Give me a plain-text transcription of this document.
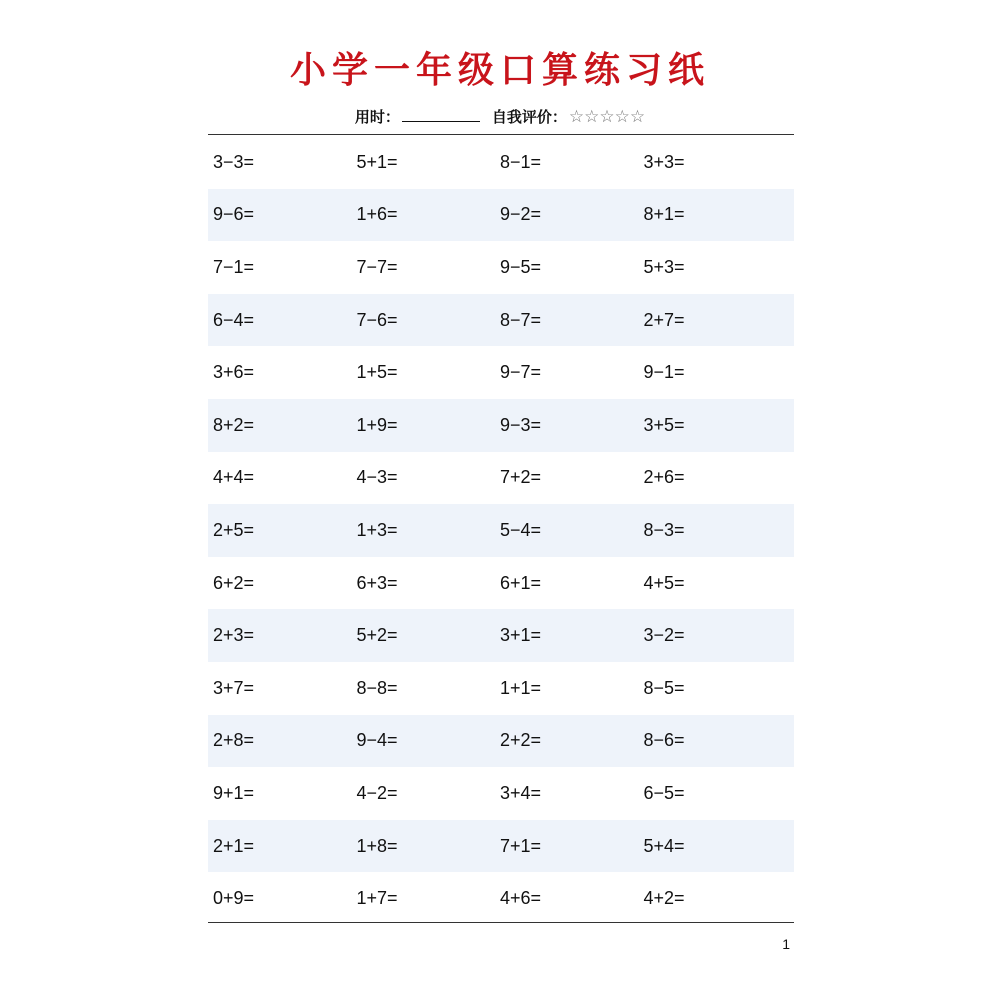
小学一年级口算练习纸
用时：	自我评价： ☆ ☆ ☆ ☆ ☆
3−3=	5+1=	8−1=	3+3=
9−6=	1+6=	9−2=	8+1=
7−1=	7−7=	9−5=	5+3=
6−4=	7−6=	8−7=	2+7=
3+6=	1+5=	9−7=	9−1=
8+2=	1+9=	9−3=	3+5=
4+4=	4−3=	7+2=	2+6=
2+5=	1+3=	5−4=	8−3=
6+2=	6+3=	6+1=	4+5=
2+3=	5+2=	3+1=	3−2=
3+7=	8−8=	1+1=	8−5=
2+8=	9−4=	2+2=	8−6=
9+1=	4−2=	3+4=	6−5=
2+1=	1+8=	7+1=	5+4=
0+9=	1+7=	4+6=	4+2=
1
